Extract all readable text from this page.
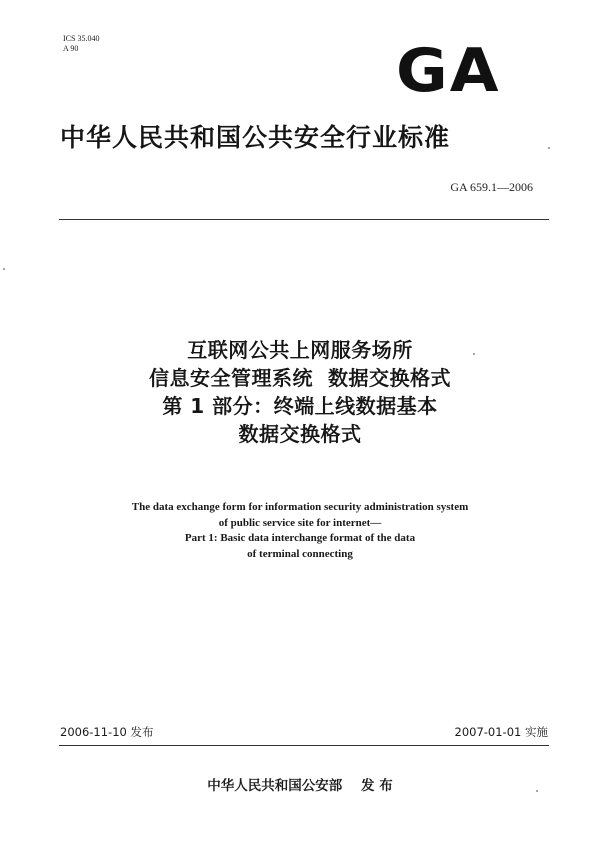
ICS 35.040
A 90	GA
中华人民共和国公共安全行业标准
GA 659.1—2006
互联网公共上网服务场所
信息安全管理系统  数据交换格式
第 1 部分：终端上线数据基本
数据交换格式
The data exchange form for information security administration system
of public service site for internet—
Part 1: Basic data interchange format of the data
of terminal connecting
2006-11-10 发布	2007-01-01 实施
中华人民共和国公安部    发 布
